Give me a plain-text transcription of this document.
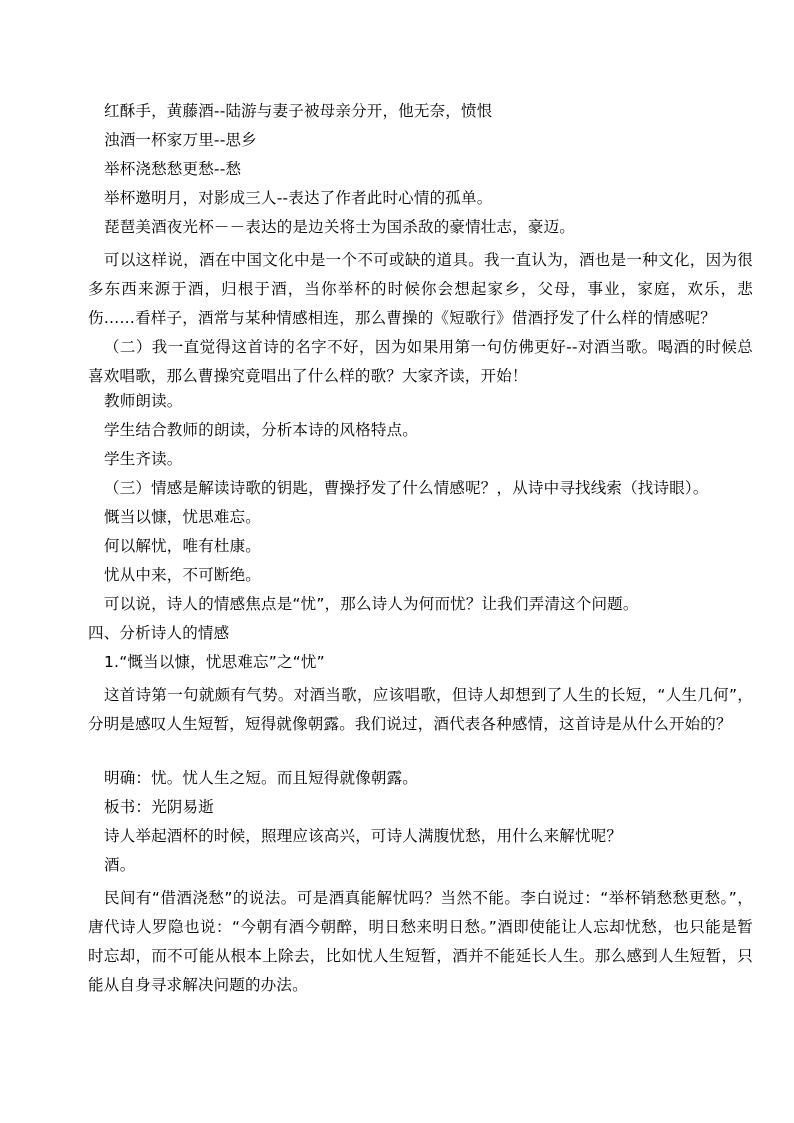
红酥手，黄藤酒--陆游与妻子被母亲分开，他无奈，愤恨
浊酒一杯家万里--思乡
举杯浇愁愁更愁--愁
举杯邀明月，对影成三人--表达了作者此时心情的孤单。
琵琶美酒夜光杯－－表达的是边关将士为国杀敌的豪情壮志，豪迈。
可以这样说，酒在中国文化中是一个不可或缺的道具。我一直认为，酒也是一种文化，因为很多东西来源于酒，归根于酒，当你举杯的时候你会想起家乡，父母，事业，家庭，欢乐，悲伤……看样子，酒常与某种情感相连，那么曹操的《短歌行》借酒抒发了什么样的情感呢？
（二）我一直觉得这首诗的名字不好，因为如果用第一句仿佛更好--对酒当歌。喝酒的时候总喜欢唱歌，那么曹操究竟唱出了什么样的歌？大家齐读，开始！
教师朗读。
学生结合教师的朗读，分析本诗的风格特点。
学生齐读。
（三）情感是解读诗歌的钥匙，曹操抒发了什么情感呢？，从诗中寻找线索（找诗眼）。
慨当以慷，忧思难忘。
何以解忧，唯有杜康。
忧从中来，不可断绝。
可以说，诗人的情感焦点是“忧”，那么诗人为何而忧？让我们弄清这个问题。
四、分析诗人的情感
1.“慨当以慷，忧思难忘”之“忧”
这首诗第一句就颇有气势。对酒当歌，应该唱歌，但诗人却想到了人生的长短，“人生几何”，分明是感叹人生短暂，短得就像朝露。我们说过，酒代表各种感情，这首诗是从什么开始的？
明确：忧。忧人生之短。而且短得就像朝露。
板书：光阴易逝
诗人举起酒杯的时候，照理应该高兴，可诗人满腹忧愁，用什么来解忧呢？
酒。
民间有“借酒浇愁”的说法。可是酒真能解忧吗？当然不能。李白说过：“举杯销愁愁更愁。”，唐代诗人罗隐也说：“今朝有酒今朝醉，明日愁来明日愁。”酒即使能让人忘却忧愁，也只能是暂时忘却，而不可能从根本上除去，比如忧人生短暂，酒并不能延长人生。那么感到人生短暂，只能从自身寻求解决问题的办法。
